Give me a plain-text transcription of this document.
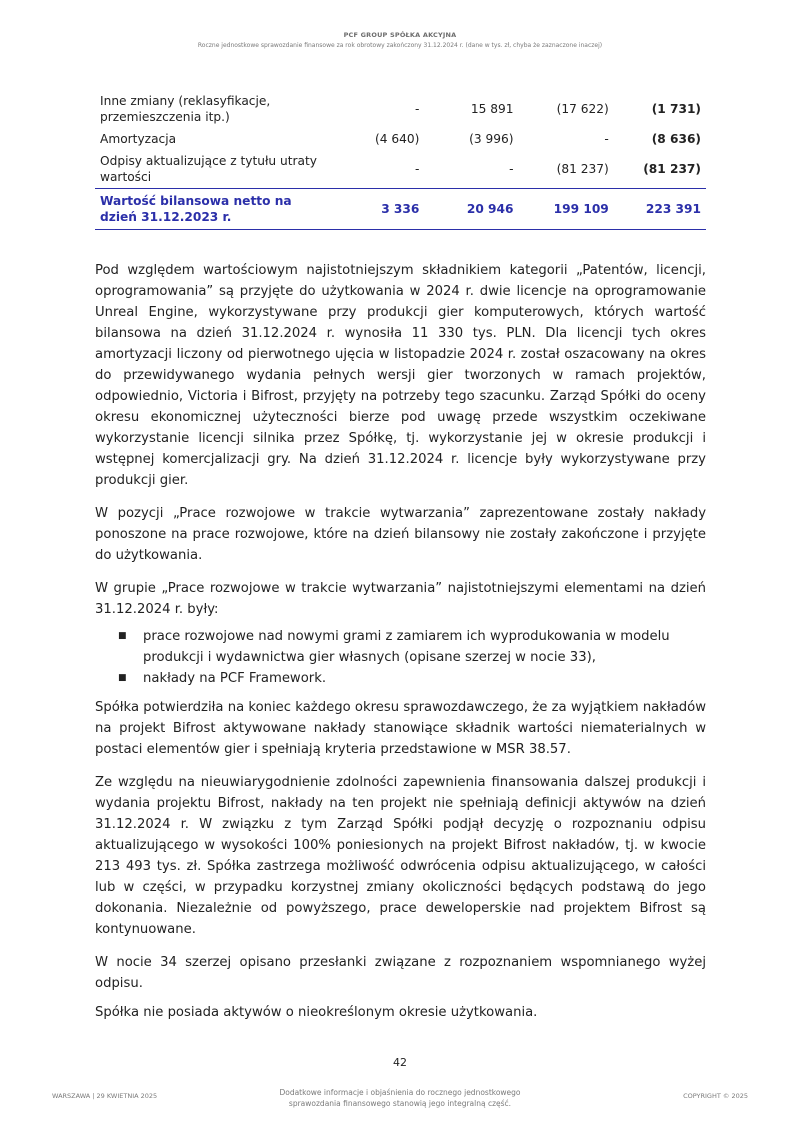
PCF GROUP SPÓŁKA AKCYJNA
Roczne jednostkowe sprawozdanie finansowe za rok obrotowy zakończony 31.12.2024 r. (dane w tys. zł, chyba że zaznaczone inaczej)
Inne zmiany (reklasyfikacje, przemieszczenia itp.)	-	15 891	(17 622)	(1 731)
Amortyzacja	(4 640)	(3 996)	-	(8 636)
Odpisy aktualizujące z tytułu utraty wartości	-	-	(81 237)	(81 237)
Wartość bilansowa netto na dzień 31.12.2023 r.	3 336	20 946	199 109	223 391

Pod względem wartościowym najistotniejszym składnikiem kategorii „Patentów, licencji, oprogramowania” są przyjęte do użytkowania w 2024 r. dwie licencje na oprogramowanie Unreal Engine, wykorzystywane przy produkcji gier komputerowych, których wartość bilansowa na dzień 31.12.2024 r. wynosiła 11 330 tys. PLN. Dla licencji tych okres amortyzacji liczony od pierwotnego ujęcia w listopadzie 2024 r. został oszacowany na okres do przewidywanego wydania pełnych wersji gier tworzonych w ramach projektów, odpowiednio, Victoria i Bifrost, przyjęty na potrzeby tego szacunku. Zarząd Spółki do oceny okresu ekonomicznej użyteczności bierze pod uwagę przede wszystkim oczekiwane wykorzystanie licencji silnika przez Spółkę, tj. wykorzystanie jej w okresie produkcji i wstępnej komercjalizacji gry. Na dzień 31.12.2024 r. licencje były wykorzystywane przy produkcji gier.

W pozycji „Prace rozwojowe w trakcie wytwarzania” zaprezentowane zostały nakłady ponoszone na prace rozwojowe, które na dzień bilansowy nie zostały zakończone i przyjęte do użytkowania.

W grupie „Prace rozwojowe w trakcie wytwarzania” najistotniejszymi elementami na dzień 31.12.2024 r. były:

■ prace rozwojowe nad nowymi grami z zamiarem ich wyprodukowania w modelu produkcji i wydawnictwa gier własnych (opisane szerzej w nocie 33),
■ nakłady na PCF Framework.

Spółka potwierdziła na koniec każdego okresu sprawozdawczego, że za wyjątkiem nakładów na projekt Bifrost aktywowane nakłady stanowiące składnik wartości niematerialnych w postaci elementów gier i spełniają kryteria przedstawione w MSR 38.57.

Ze względu na nieuwiarygodnienie zdolności zapewnienia finansowania dalszej produkcji i wydania projektu Bifrost, nakłady na ten projekt nie spełniają definicji aktywów na dzień 31.12.2024 r. W związku z tym Zarząd Spółki podjął decyzję o rozpoznaniu odpisu aktualizującego w wysokości 100% poniesionych na projekt Bifrost nakładów, tj. w kwocie 213 493 tys. zł. Spółka zastrzega możliwość odwrócenia odpisu aktualizującego, w całości lub w części, w przypadku korzystnej zmiany okoliczności będących podstawą do jego dokonania. Niezależnie od powyższego, prace deweloperskie nad projektem Bifrost są kontynuowane.

W nocie 34 szerzej opisano przesłanki związane z rozpoznaniem wspomnianego wyżej odpisu.

Spółka nie posiada aktywów o nieokreślonym okresie użytkowania.

42
WARSZAWA | 29 KWIETNIA 2025	Dodatkowe informacje i objaśnienia do rocznego jednostkowego
sprawozdania finansowego stanowią jego integralną część.
COPYRIGHT © 2025
